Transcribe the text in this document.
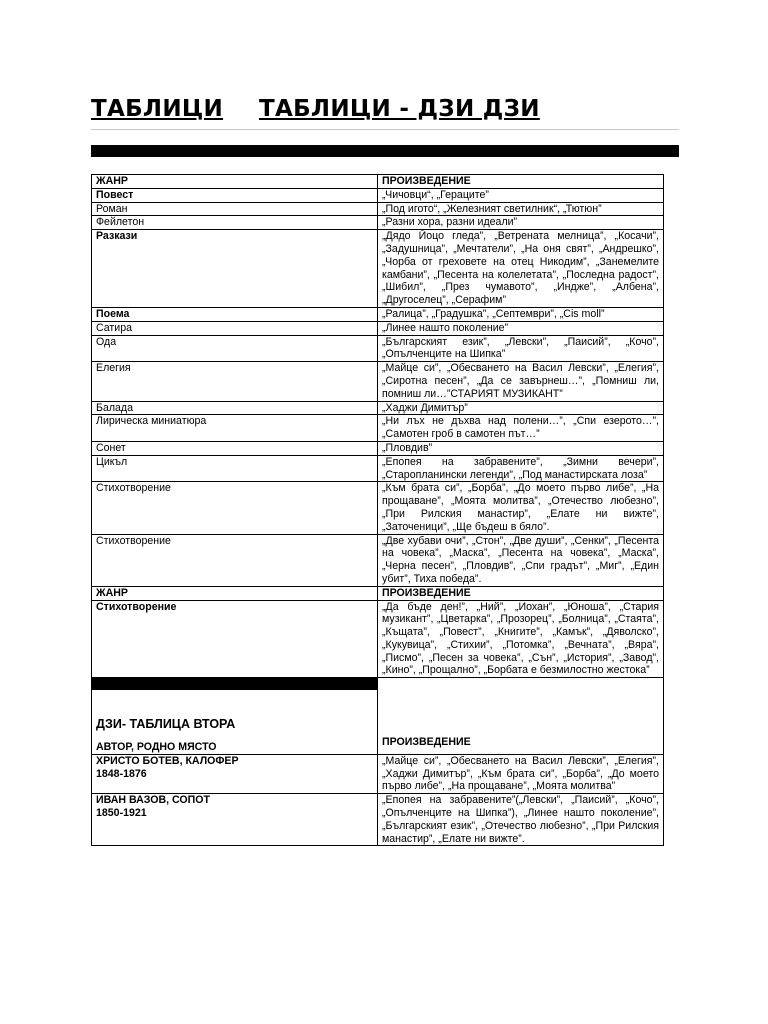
ТАБЛИЦИ ТАБЛИЦИ - ДЗИ ДЗИ
ЖАНР	ПРОИЗВЕДЕНИЕ
Повест	„Чичовци“, „Гераците”
Роман	„Под игото“, „Железният светилник“, „Тютюн”
Фейлетон	„Разни хора, разни идеали”
Разкази	„Дядо Йоцо гледа”, „Ветрената мелница”, „Косачи”, „Задушница”, „Мечтатели”, „На оня свят”, „Андрешко”, „Чорба от греховете на отец Никодим”, „Занемелите камбани”, „Песента на колелетата”, „Последна радост”, „Шибил”, „През чумавото”, „Индже”, „Албена”, „Другоселец”, „Серафим”
Поема	„Ралица”, „Градушка”, „Септември”, „Cis moll”
Сатира	„Линее нашто поколение”
Ода	„Българският език”, „Левски”, „Паисий”, „Кочо”, „Опълченците на Шипка”
Елегия	„Майце си”, „Обесването на Васил Левски”, „Елегия”, „Сиротна песен”, „Да се завърнеш…”, „Помниш ли, помниш ли…”СТАРИЯТ МУЗИКАНТ”
Балада	„Хаджи Димитър”
Лирическа миниатюра	„Ни лъх не дъхва над полени…”, „Спи езерото…”, „Самотен гроб в самотен път…”
Сонет	„Пловдив”
Цикъл	„Епопея на забравените”, „Зимни вечери”, „Старопланински легенди”, „Под манастирската лоза”
Стихотворение	„Към брата си”, „Борба”, „До моето първо либе”, „На прощаване”, „Моята молитва”, „Отечество любезно”, „При Рилския манастир”, „Елате ни вижте”, „Заточеници”, „Ще бъдеш в бяло”.
Стихотворение	„Две хубави очи”, „Стон”, „Две души”, „Сенки”, „Песента на човека”, „Маска”, „Песента на човека”, „Маска”, „Черна песен”, „Пловдив”, „Спи градът”, „Миг”, „Един убит”, Тиха победа”.
ЖАНР	ПРОИЗВЕДЕНИЕ
Стихотворение	„Да бъде ден!”, „Ний”, „Иохан”, „Юноша”, „Стария музикант”, „Цветарка”, „Прозорец”, „Болница”, „Стаята”, „Къщата”, „Повест”, „Книгите”, „Камък”, „Дяволско”, „Кукувица”, „Стихии”, „Потомка”, „Вечната”, „Вяра”, „Писмо”, „Песен за човека”, „Сън”, „История”, „Завод”, „Кино”, „Прощално”, „Борбата е безмилостно жестока”

ДЗИ- ТАБЛИЦА ВТОРА
АВТОР, РОДНО МЯСТО	ПРОИЗВЕДЕНИЕ

ХРИСТО БОТЕВ, КАЛОФЕР
1848-1876	„Майце си”, „Обесването на Васил Левски”, „Елегия”, „Хаджи Димитър”, „Към брата си”, „Борба”, „До моето първо либе”, „На прощаване”, „Моята молитва”

ИВАН ВАЗОВ, СОПОТ
1850-1921	„Епопея на забравените”(„Левски”, „Паисий”, „Кочо”, „Опълченците на Шипка”), „Линее нашто поколение”, „Българският език”, „Отечество любезно”, „При Рилския манастир”, „Елате ни вижте”.
